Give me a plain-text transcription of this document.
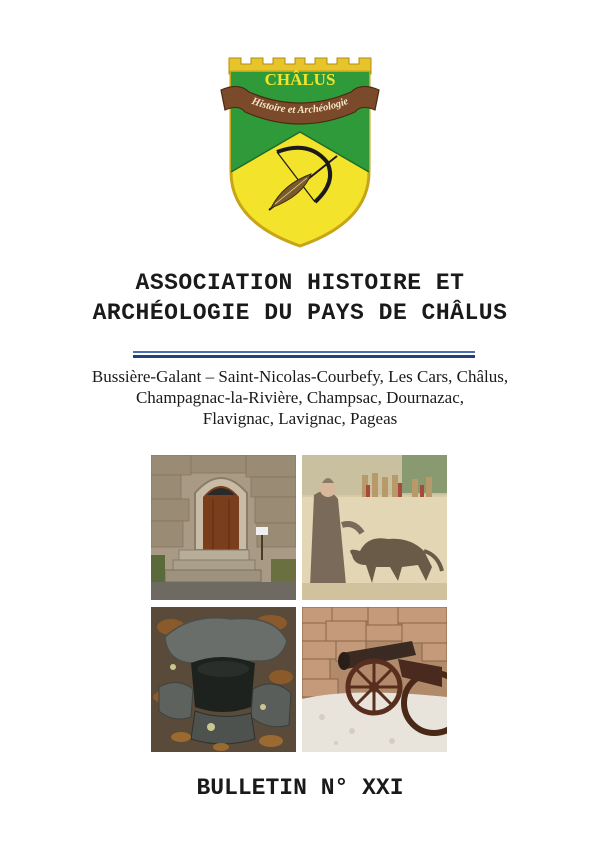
CHÂLUS
Histoire et Archéologie
ASSOCIATION HISTOIRE ET
ARCHÉOLOGIE DU PAYS DE CHÂLUS
Bussière-Galant – Saint-Nicolas-Courbefy, Les Cars, Châlus,
Champagnac-la-Rivière, Champsac, Dournazac,
Flavignac, Lavignac, Pageas
BULLETIN N° XXI
